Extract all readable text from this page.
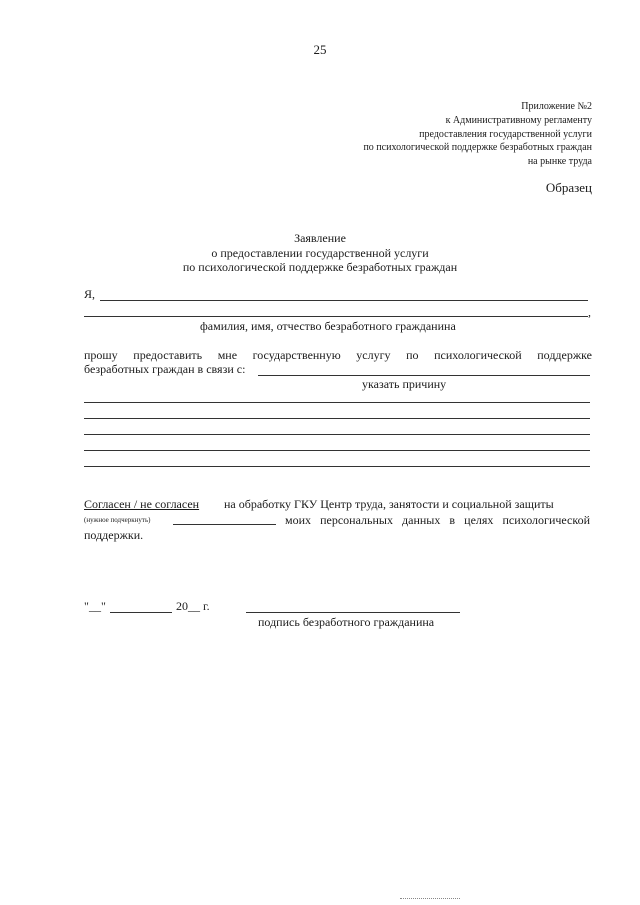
25
Приложение №2
к Административному регламенту
предоставления государственной услуги
по психологической поддержке безработных граждан
на рынке труда
Образец
Заявление
о предоставлении государственной услуги
по психологической поддержке безработных граждан
Я,
,
фамилия, имя, отчество безработного гражданина
прошу предоставить мне государственную услугу по психологической поддержке
безработных граждан в связи с:
указать причину
Согласен / не согласен на обработку ГКУ Центр труда, занятости и социальной защиты
(нужное подчеркнуть)	моих персональных данных в целях психологической
поддержки.
" __ "	20__ г.
подпись безработного гражданина
